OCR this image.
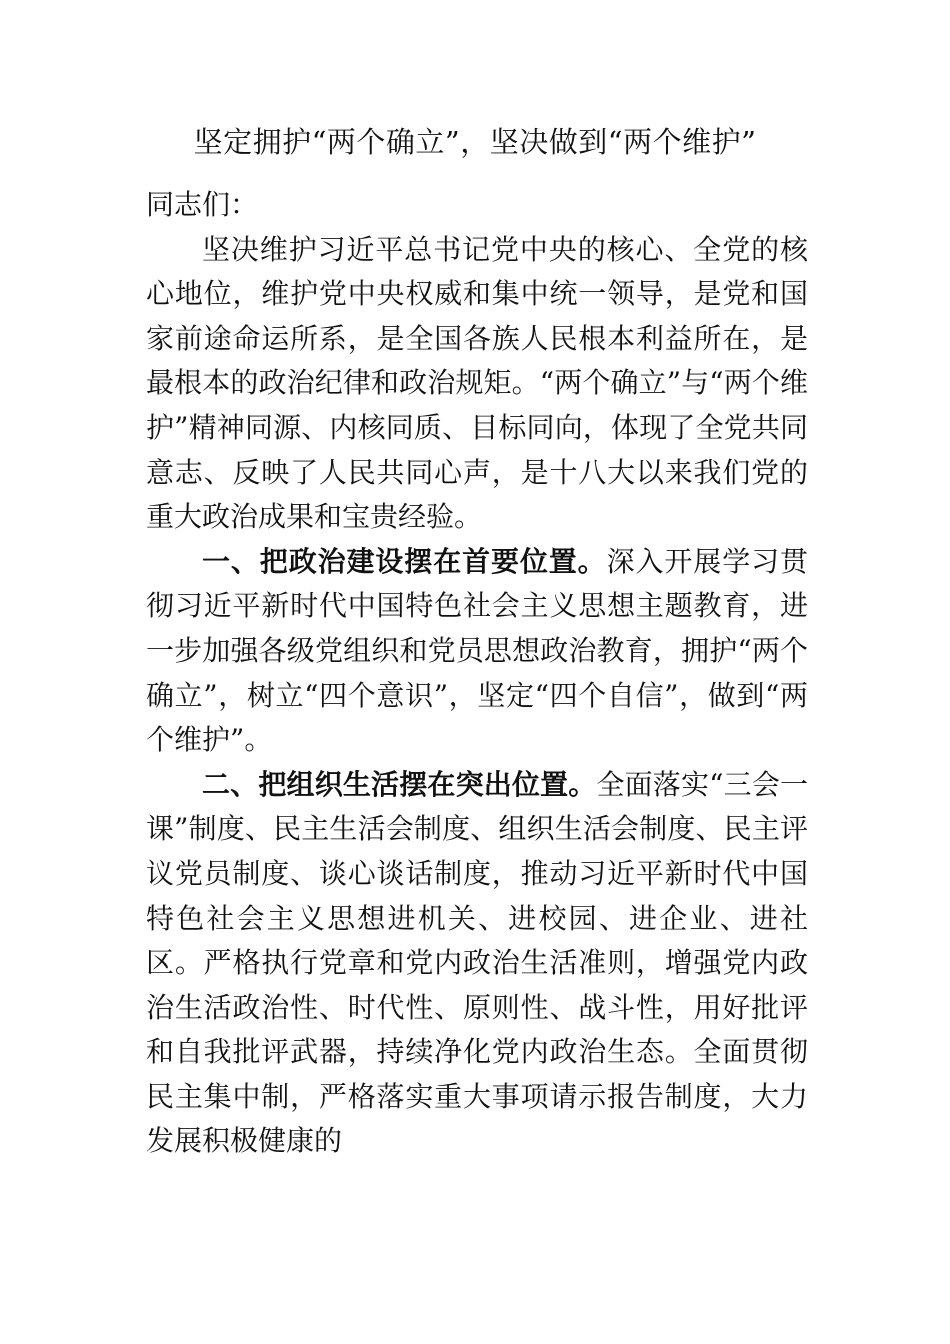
坚定拥护“两个确立”，坚决做到“两个维护”

同志们：

坚决维护习近平总书记党中央的核心、全党的核心地位，维护党中央权威和集中统一领导，是党和国家前途命运所系，是全国各族人民根本利益所在，是最根本的政治纪律和政治规矩。“两个确立”与“两个维护”精神同源、内核同质、目标同向，体现了全党共同意志、反映了人民共同心声，是十八大以来我们党的重大政治成果和宝贵经验。

一、把政治建设摆在首要位置。深入开展学习贯彻习近平新时代中国特色社会主义思想主题教育，进一步加强各级党组织和党员思想政治教育，拥护“两个确立”，树立“四个意识”，坚定“四个自信”，做到“两个维护”。

二、把组织生活摆在突出位置。全面落实“三会一课”制度、民主生活会制度、组织生活会制度、民主评议党员制度、谈心谈话制度，推动习近平新时代中国特色社会主义思想进机关、进校园、进企业、进社区。严格执行党章和党内政治生活准则，增强党内政治生活政治性、时代性、原则性、战斗性，用好批评和自我批评武器，持续净化党内政治生态。全面贯彻民主集中制，严格落实重大事项请示报告制度，大力发展积极健康的
